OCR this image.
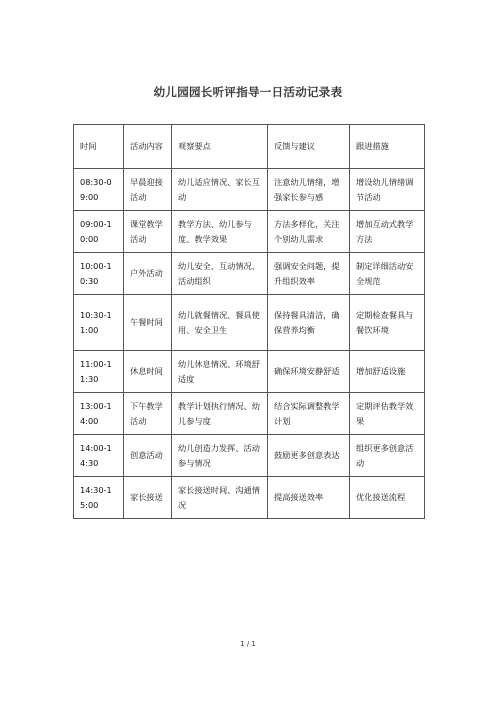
幼儿园园长听评指导一日活动记录表
时间	活动内容	观察要点	反馈与建议	跟进措施
08:30-09:00	早晨迎接活动	幼儿适应情况、家长互动	注意幼儿情绪，增强家长参与感	增设幼儿情绪调节活动
09:00-10:00	课堂教学活动	教学方法、幼儿参与度、教学效果	方法多样化，关注个别幼儿需求	增加互动式教学方法
10:00-10:30	户外活动	幼儿安全、互动情况、活动组织	强调安全问题，提升组织效率	制定详细活动安全规范
10:30-11:00	午餐时间	幼儿就餐情况、餐具使用、安全卫生	保持餐具清洁，确保营养均衡	定期检查餐具与餐饮环境
11:00-11:30	休息时间	幼儿休息情况、环境舒适度	确保环境安静舒适	增加舒适设施
13:00-14:00	下午教学活动	教学计划执行情况、幼儿参与度	结合实际调整教学计划	定期评估教学效果
14:00-14:30	创意活动	幼儿创造力发挥、活动参与情况	鼓励更多创意表达	组织更多创意活动
14:30-15:00	家长接送	家长接送时间、沟通情况	提高接送效率	优化接送流程
1 / 1
